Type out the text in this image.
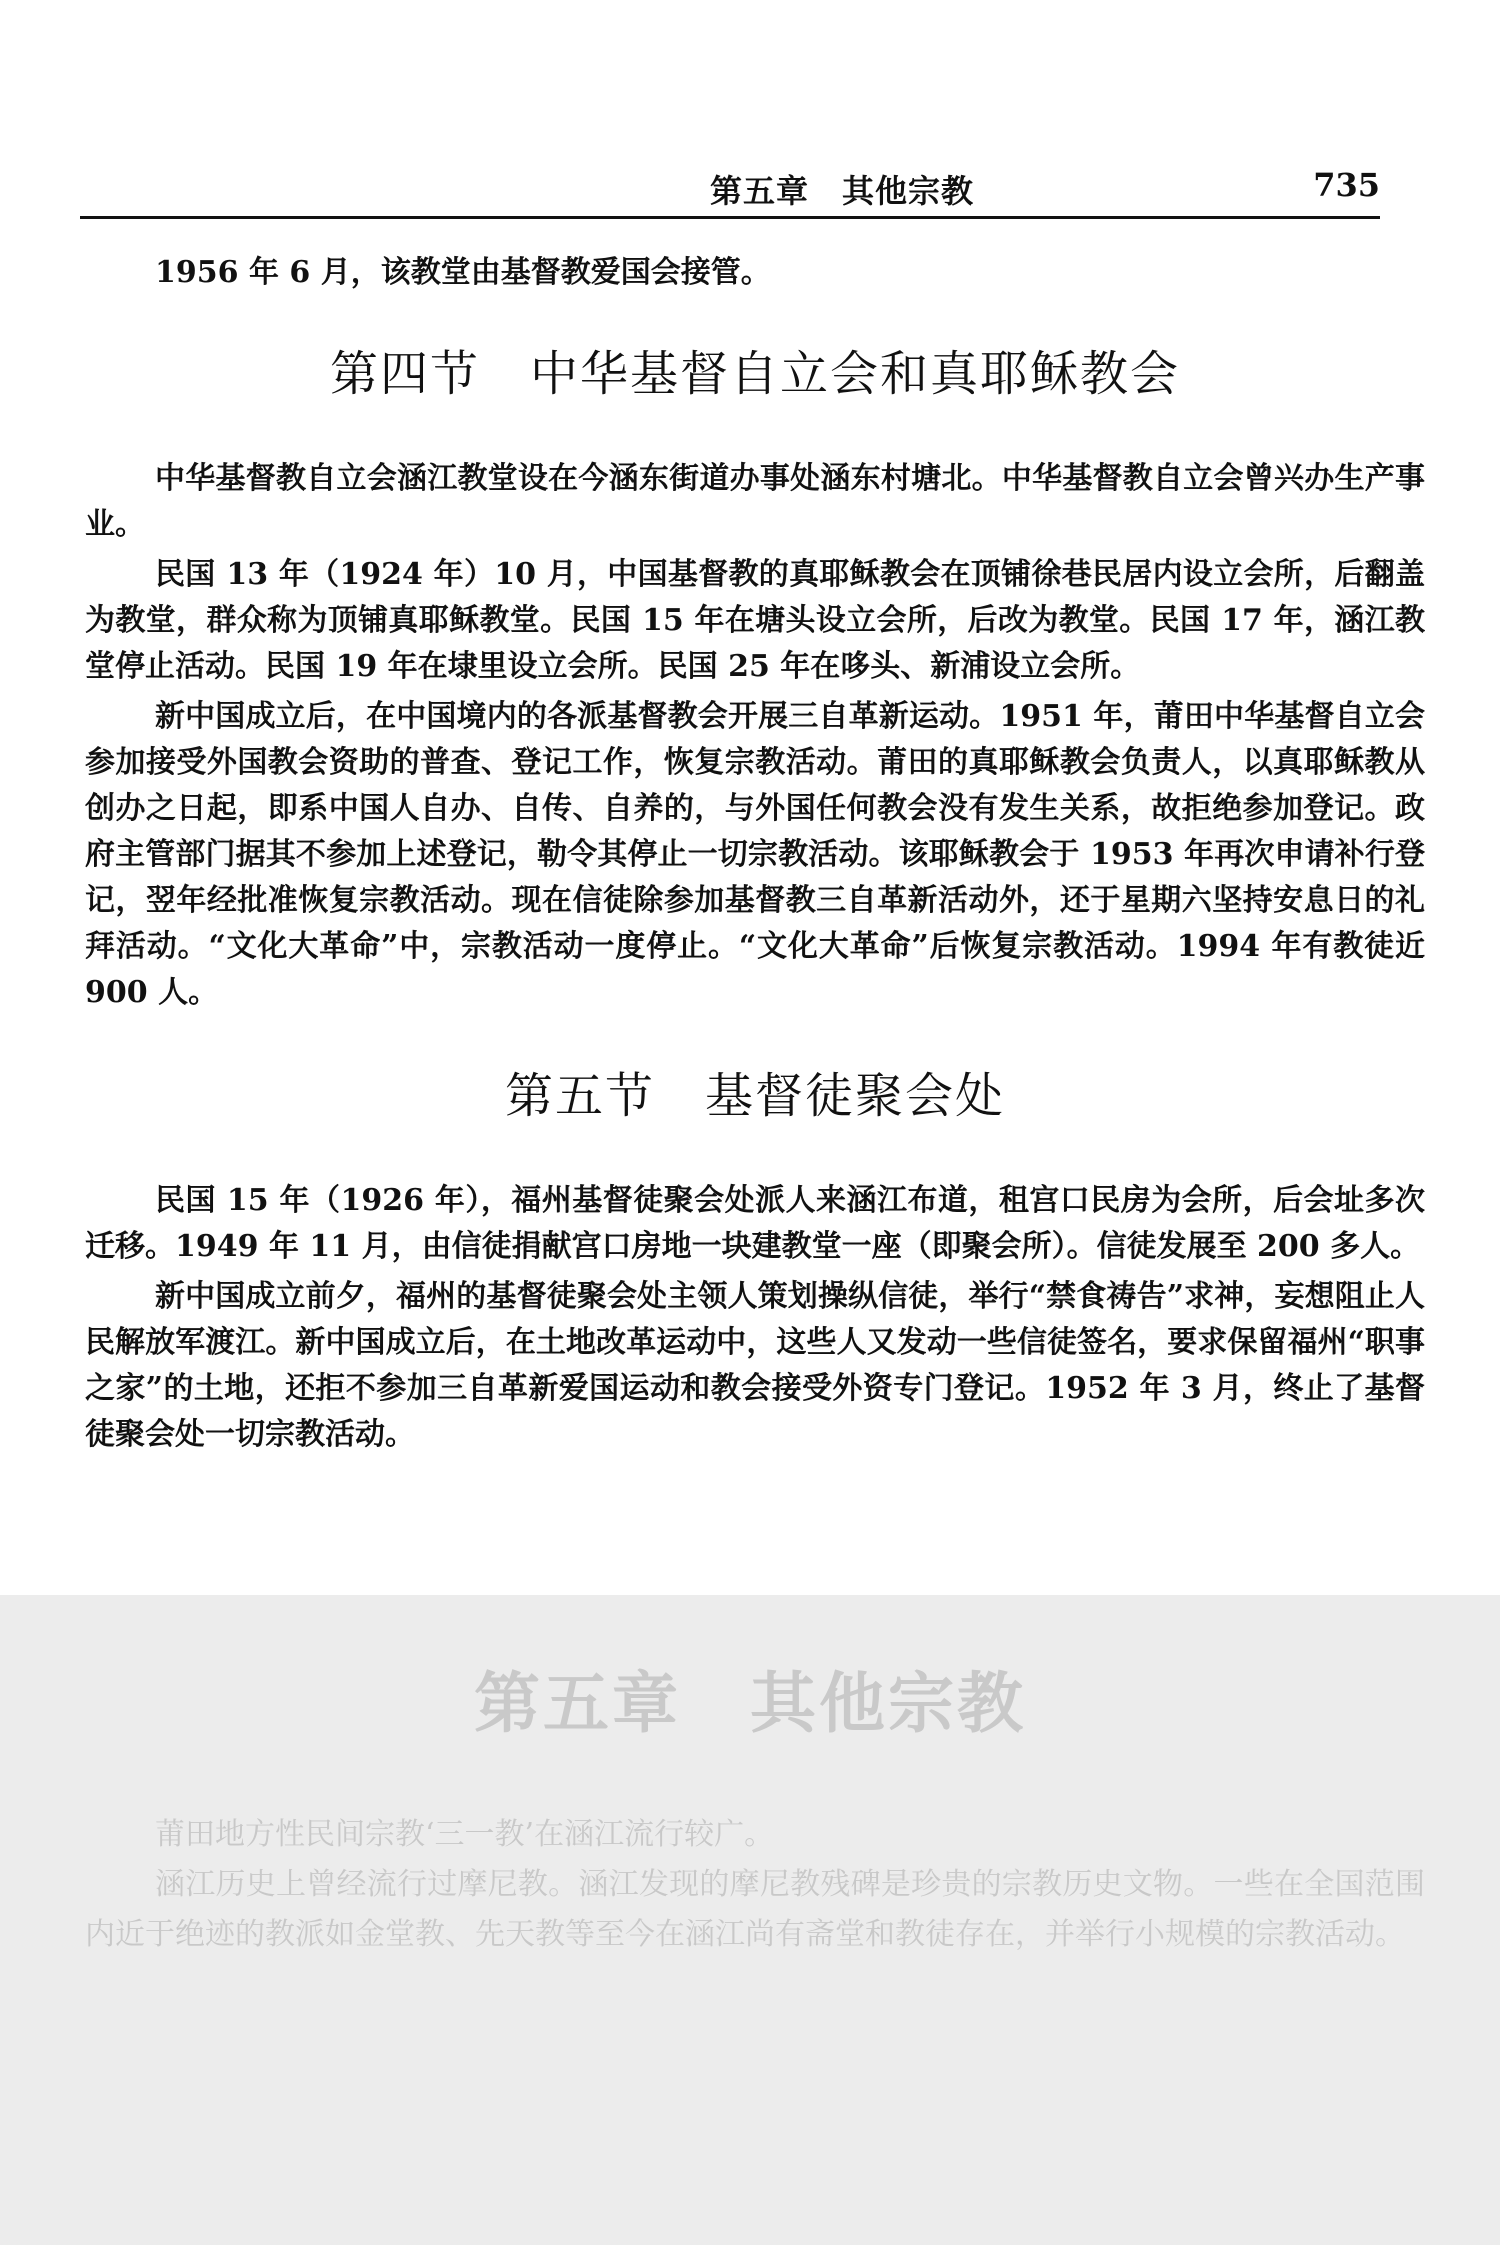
第五章　其他宗教	735

1956 年 6 月，该教堂由基督教爱国会接管。

第四节　中华基督自立会和真耶稣教会

中华基督教自立会涵江教堂设在今涵东街道办事处涵东村塘北。中华基督教自立会曾兴办生产事业。

民国 13 年（1924 年）10 月，中国基督教的真耶稣教会在顶铺徐巷民居内设立会所，后翻盖为教堂，群众称为顶铺真耶稣教堂。民国 15 年在塘头设立会所，后改为教堂。民国 17 年，涵江教堂停止活动。民国 19 年在埭里设立会所。民国 25 年在哆头、新浦设立会所。

新中国成立后，在中国境内的各派基督教会开展三自革新运动。1951 年，莆田中华基督自立会参加接受外国教会资助的普查、登记工作，恢复宗教活动。莆田的真耶稣教会负责人，以真耶稣教从创办之日起，即系中国人自办、自传、自养的，与外国任何教会没有发生关系，故拒绝参加登记。政府主管部门据其不参加上述登记，勒令其停止一切宗教活动。该耶稣教会于 1953 年再次申请补行登记，翌年经批准恢复宗教活动。现在信徒除参加基督教三自革新活动外，还于星期六坚持安息日的礼拜活动。“文化大革命”中，宗教活动一度停止。“文化大革命”后恢复宗教活动。1994 年有教徒近 900 人。

第五节　基督徒聚会处

民国 15 年（1926 年），福州基督徒聚会处派人来涵江布道，租宫口民房为会所，后会址多次迁移。1949 年 11 月，由信徒捐献宫口房地一块建教堂一座（即聚会所）。信徒发展至 200 多人。

新中国成立前夕，福州的基督徒聚会处主领人策划操纵信徒，举行“禁食祷告”求神，妄想阻止人民解放军渡江。新中国成立后，在土地改革运动中，这些人又发动一些信徒签名，要求保留福州“职事之家”的土地，还拒不参加三自革新爱国运动和教会接受外资专门登记。1952 年 3 月，终止了基督徒聚会处一切宗教活动。

第五章　其他宗教

莆田地方性民间宗教‘三一教’在涵江流行较广。

涵江历史上曾经流行过摩尼教。涵江发现的摩尼教残碑是珍贵的宗教历史文物。一些在全国范围内近于绝迹的教派如金堂教、先天教等至今在涵江尚有斋堂和教徒存在，并举行小规模的宗教活动。
